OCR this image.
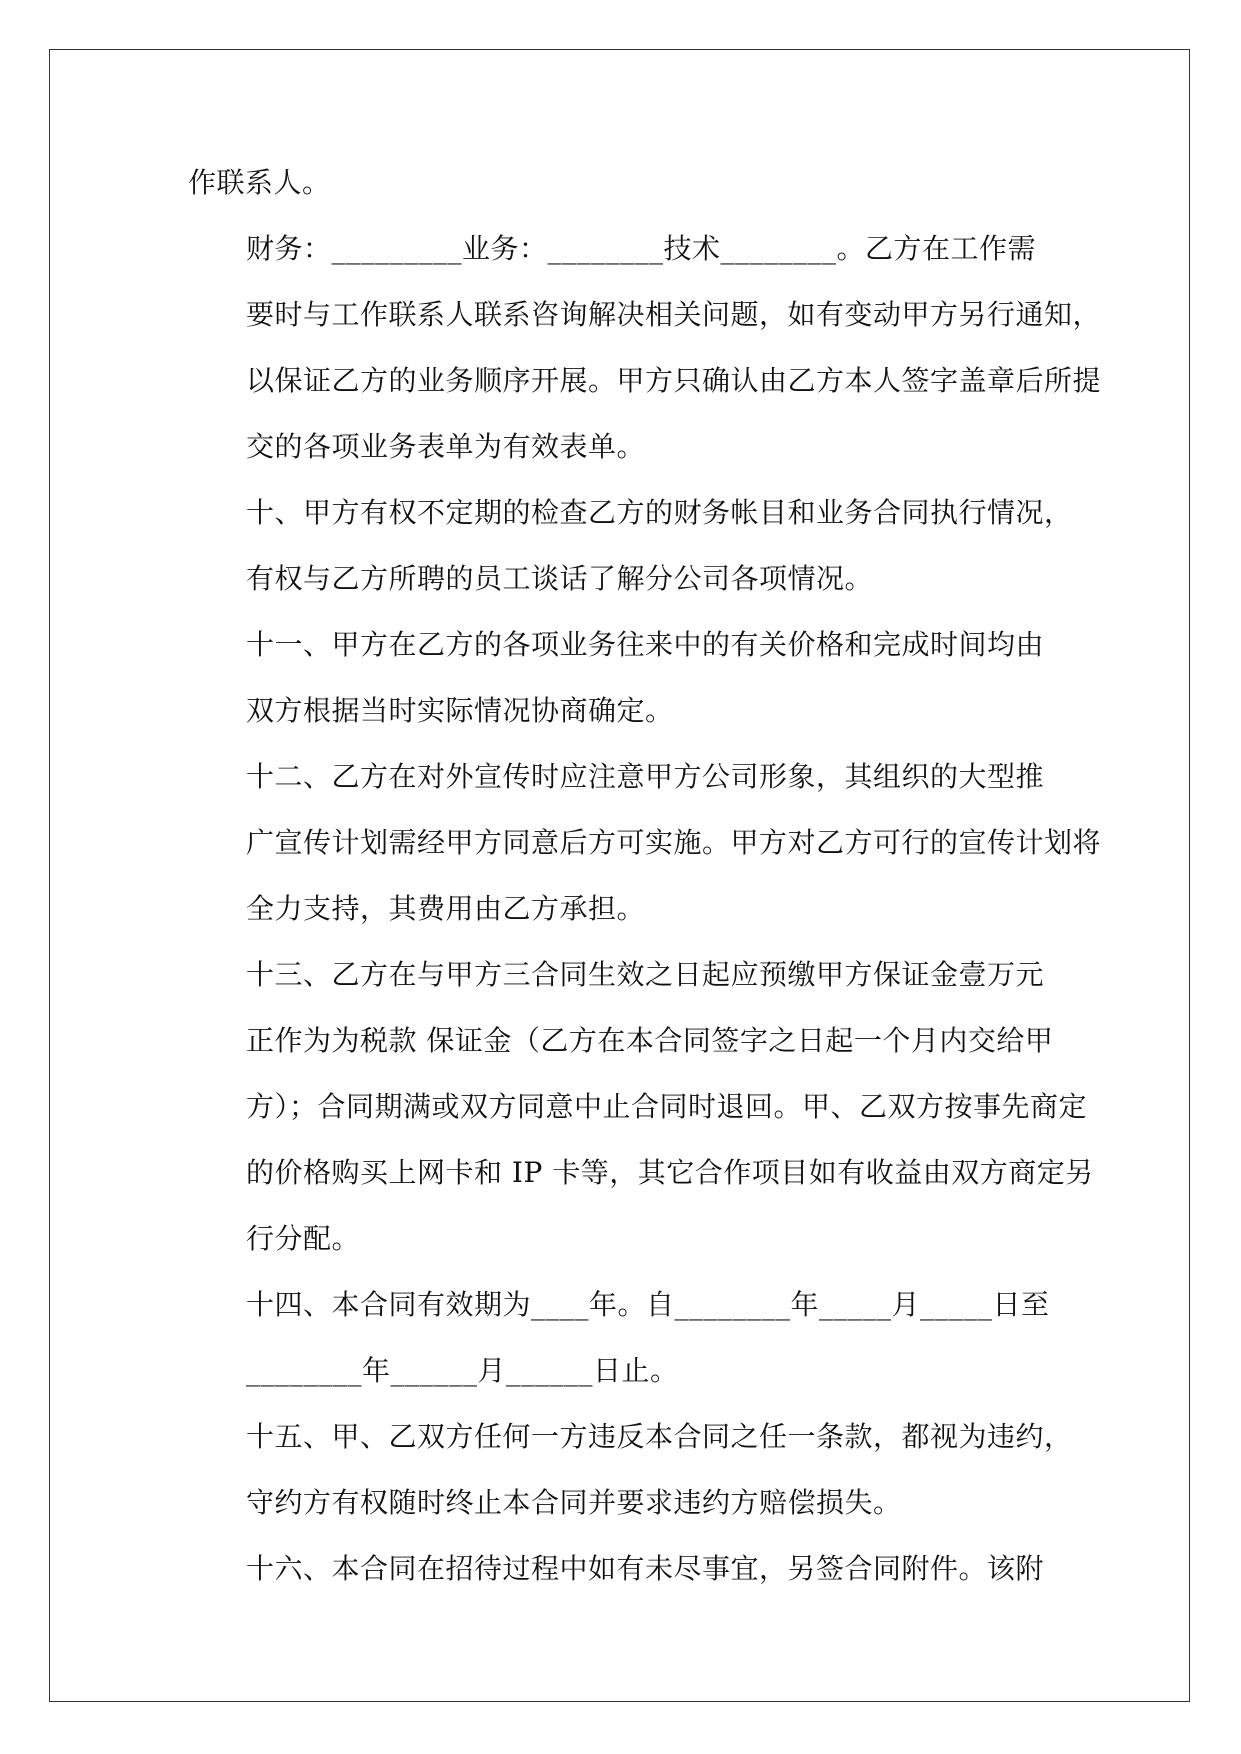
作联系人。

财务：_________业务：________技术________。乙方在工作需
要时与工作联系人联系咨询解决相关问题，如有变动甲方另行通知，
以保证乙方的业务顺序开展。甲方只确认由乙方本人签字盖章后所提
交的各项业务表单为有效表单。

十、甲方有权不定期的检查乙方的财务帐目和业务合同执行情况，
有权与乙方所聘的员工谈话了解分公司各项情况。

十一、甲方在乙方的各项业务往来中的有关价格和完成时间均由
双方根据当时实际情况协商确定。

十二、乙方在对外宣传时应注意甲方公司形象，其组织的大型推
广宣传计划需经甲方同意后方可实施。甲方对乙方可行的宣传计划将
全力支持，其费用由乙方承担。

十三、乙方在与甲方三合同生效之日起应预缴甲方保证金壹万元
正作为为税款 保证金（乙方在本合同签字之日起一个月内交给甲
方）；合同期满或双方同意中止合同时退回。甲、乙双方按事先商定
的价格购买上网卡和 IP 卡等，其它合作项目如有收益由双方商定另
行分配。

十四、本合同有效期为____年。自________年_____月_____日至
________年______月______日止。

十五、甲、乙双方任何一方违反本合同之任一条款，都视为违约，
守约方有权随时终止本合同并要求违约方赔偿损失。

十六、本合同在招待过程中如有未尽事宜，另签合同附件。该附
